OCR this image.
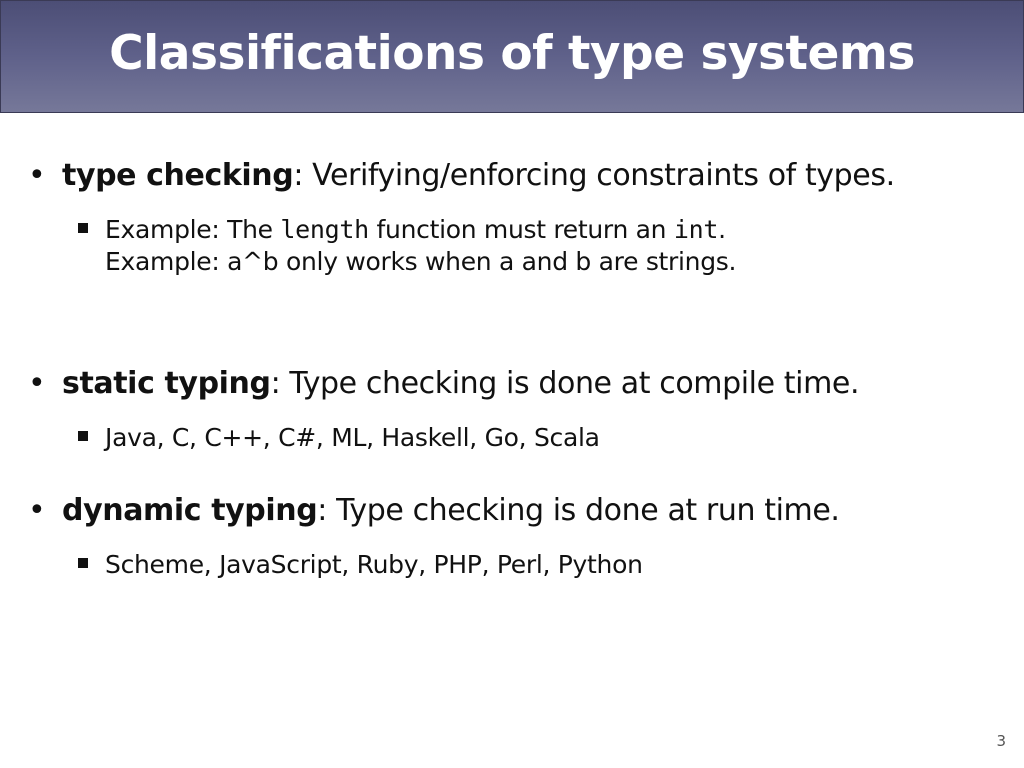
Classifications of type systems
• type checking: Verifying/enforcing constraints of types.
Example: The length function must return an int.
Example: a^b only works when a and b are strings.
• static typing: Type checking is done at compile time.
Java, C, C++, C#, ML, Haskell, Go, Scala
• dynamic typing: Type checking is done at run time.
Scheme, JavaScript, Ruby, PHP, Perl, Python
3
